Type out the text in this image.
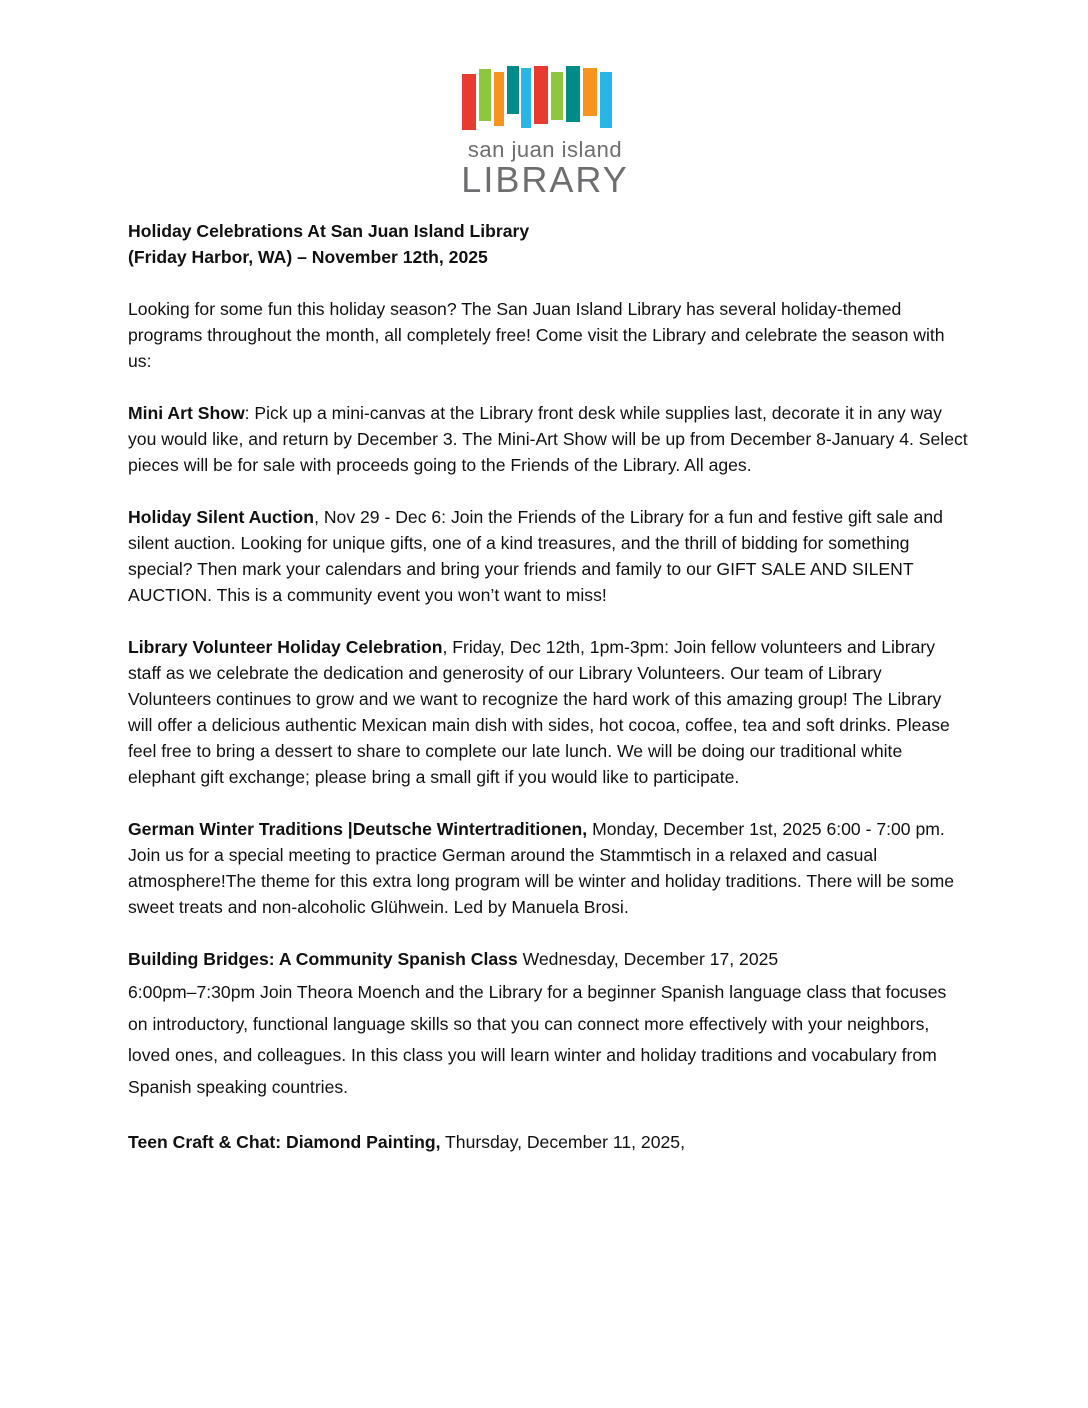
san juan island
LIBRARY
Holiday Celebrations At San Juan Island Library
(Friday Harbor, WA) – November 12th, 2025

Looking for some fun this holiday season? The San Juan Island Library has several holiday-themed programs throughout the month, all completely free! Come visit the Library and celebrate the season with us:

Mini Art Show: Pick up a mini-canvas at the Library front desk while supplies last, decorate it in any way you would like, and return by December 3. The Mini-Art Show will be up from December 8-January 4. Select pieces will be for sale with proceeds going to the Friends of the Library. All ages.

Holiday Silent Auction, Nov 29 - Dec 6: Join the Friends of the Library for a fun and festive gift sale and silent auction. Looking for unique gifts, one of a kind treasures, and the thrill of bidding for something special? Then mark your calendars and bring your friends and family to our GIFT SALE AND SILENT AUCTION. This is a community event you won’t want to miss!

Library Volunteer Holiday Celebration, Friday, Dec 12th, 1pm-3pm: Join fellow volunteers and Library staff as we celebrate the dedication and generosity of our Library Volunteers. Our team of Library Volunteers continues to grow and we want to recognize the hard work of this amazing group! The Library will offer a delicious authentic Mexican main dish with sides, hot cocoa, coffee, tea and soft drinks. Please feel free to bring a dessert to share to complete our late lunch. We will be doing our traditional white elephant gift exchange; please bring a small gift if you would like to participate.

German Winter Traditions |Deutsche Wintertraditionen, Monday, December 1st, 2025 6:00 - 7:00 pm. Join us for a special meeting to practice German around the Stammtisch in a relaxed and casual atmosphere!The theme for this extra long program will be winter and holiday traditions. There will be some sweet treats and non-alcoholic Glühwein. Led by Manuela Brosi.

Building Bridges: A Community Spanish Class Wednesday, December 17, 2025
6:00pm–7:30pm Join Theora Moench and the Library for a beginner Spanish language class that focuses on introductory, functional language skills so that you can connect more effectively with your neighbors, loved ones, and colleagues. In this class you will learn winter and holiday traditions and vocabulary from Spanish speaking countries.

Teen Craft & Chat: Diamond Painting, Thursday, December 11, 2025,
